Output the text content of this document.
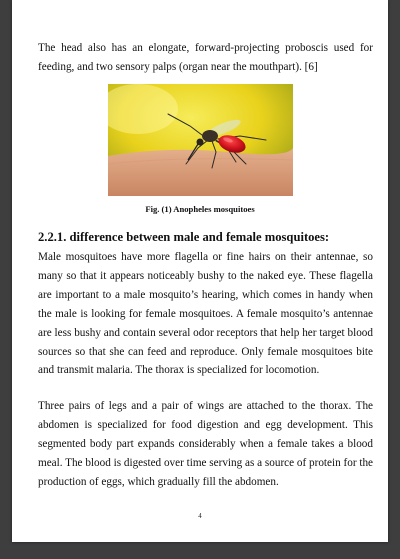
The head also has an elongate, forward-projecting proboscis used for feeding, and two sensory palps (organ near the mouthpart). [6]
Fig. (1) Anopheles mosquitoes
2.2.1. difference between male and female mosquitoes:
Male mosquitoes have more flagella or fine hairs on their antennae, so many so that it appears noticeably bushy to the naked eye. These flagella are important to a male mosquito’s hearing, which comes in handy when the male is looking for female mosquitoes. A female mosquito’s antennae are less bushy and contain several odor receptors that help her target blood sources so that she can feed and reproduce. Only female mosquitoes bite and transmit malaria. The thorax is specialized for locomotion.
Three pairs of legs and a pair of wings are attached to the thorax. The abdomen is specialized for food digestion and egg development. This segmented body part expands considerably when a female takes a blood meal. The blood is digested over time serving as a source of protein for the production of eggs, which gradually fill the abdomen.
4
